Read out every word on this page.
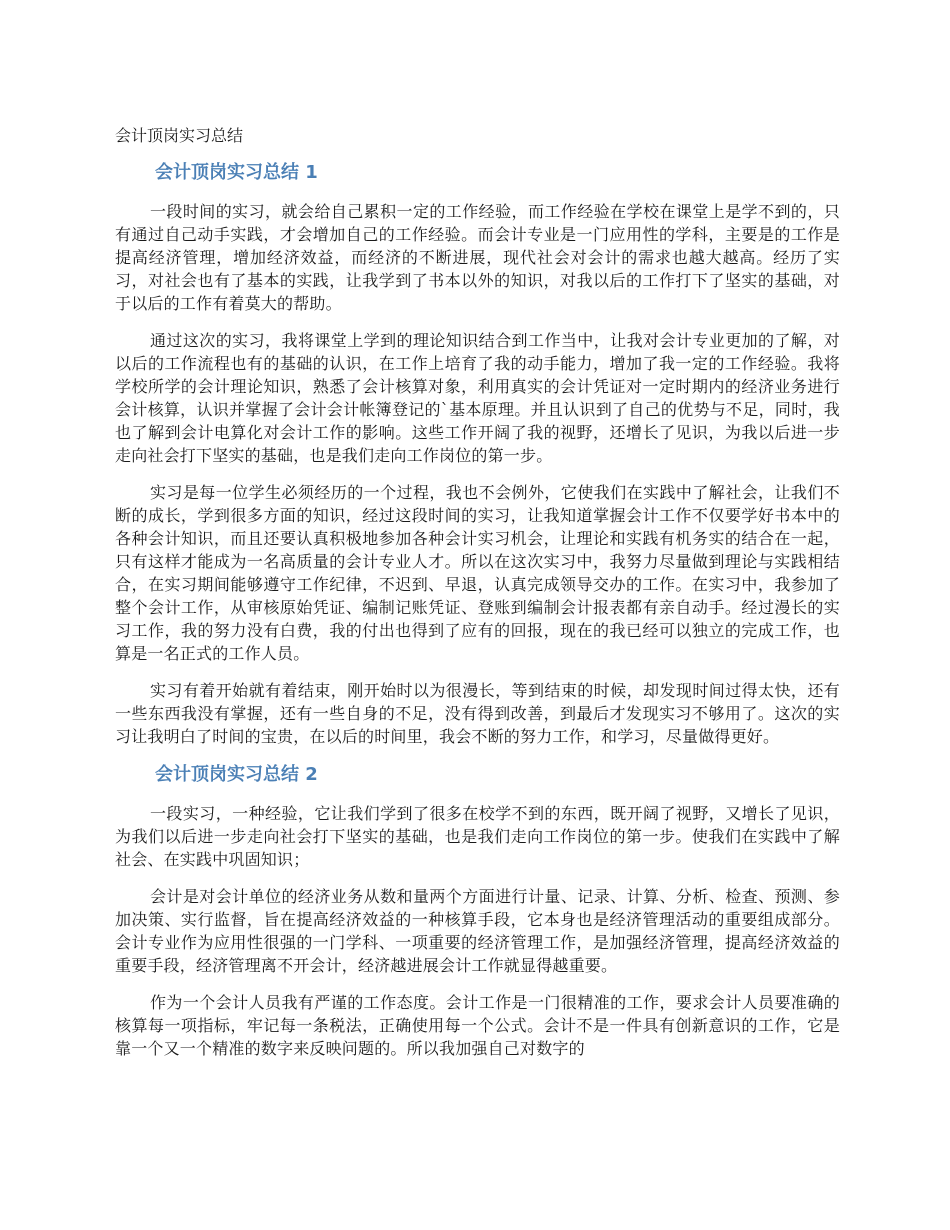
会计顶岗实习总结
会计顶岗实习总结 1

一段时间的实习，就会给自己累积一定的工作经验，而工作经验在学校在课堂上是学不到的，只有通过自己动手实践，才会增加自己的工作经验。而会计专业是一门应用性的学科，主要是的工作是提高经济管理，增加经济效益，而经济的不断进展，现代社会对会计的需求也越大越高。经历了实习，对社会也有了基本的实践，让我学到了书本以外的知识，对我以后的工作打下了坚实的基础，对于以后的工作有着莫大的帮助。

通过这次的实习，我将课堂上学到的理论知识结合到工作当中，让我对会计专业更加的了解，对以后的工作流程也有的基础的认识，在工作上培育了我的动手能力，增加了我一定的工作经验。我将学校所学的会计理论知识，熟悉了会计核算对象，利用真实的会计凭证对一定时期内的经济业务进行会计核算，认识并掌握了会计会计帐簿登记的`基本原理。并且认识到了自己的优势与不足，同时，我也了解到会计电算化对会计工作的影响。这些工作开阔了我的视野，还增长了见识，为我以后进一步走向社会打下坚实的基础，也是我们走向工作岗位的第一步。

实习是每一位学生必须经历的一个过程，我也不会例外，它使我们在实践中了解社会，让我们不断的成长，学到很多方面的知识，经过这段时间的实习，让我知道掌握会计工作不仅要学好书本中的各种会计知识，而且还要认真积极地参加各种会计实习机会，让理论和实践有机务实的结合在一起，只有这样才能成为一名高质量的会计专业人才。所以在这次实习中，我努力尽量做到理论与实践相结合，在实习期间能够遵守工作纪律，不迟到、早退，认真完成领导交办的工作。在实习中，我参加了整个会计工作，从审核原始凭证、编制记账凭证、登账到编制会计报表都有亲自动手。经过漫长的实习工作，我的努力没有白费，我的付出也得到了应有的回报，现在的我已经可以独立的完成工作，也算是一名正式的工作人员。

实习有着开始就有着结束，刚开始时以为很漫长，等到结束的时候，却发现时间过得太快，还有一些东西我没有掌握，还有一些自身的不足，没有得到改善，到最后才发现实习不够用了。这次的实习让我明白了时间的宝贵，在以后的时间里，我会不断的努力工作，和学习，尽量做得更好。

会计顶岗实习总结 2

一段实习，一种经验，它让我们学到了很多在校学不到的东西，既开阔了视野，又增长了见识，为我们以后进一步走向社会打下坚实的基础，也是我们走向工作岗位的第一步。使我们在实践中了解社会、在实践中巩固知识；

会计是对会计单位的经济业务从数和量两个方面进行计量、记录、计算、分析、检查、预测、参加决策、实行监督，旨在提高经济效益的一种核算手段，它本身也是经济管理活动的重要组成部分。会计专业作为应用性很强的一门学科、一项重要的经济管理工作，是加强经济管理，提高经济效益的重要手段，经济管理离不开会计，经济越进展会计工作就显得越重要。

作为一个会计人员我有严谨的工作态度。会计工作是一门很精准的工作，要求会计人员要准确的核算每一项指标，牢记每一条税法，正确使用每一个公式。会计不是一件具有创新意识的工作，它是靠一个又一个精准的数字来反映问题的。所以我加强自己对数字的
